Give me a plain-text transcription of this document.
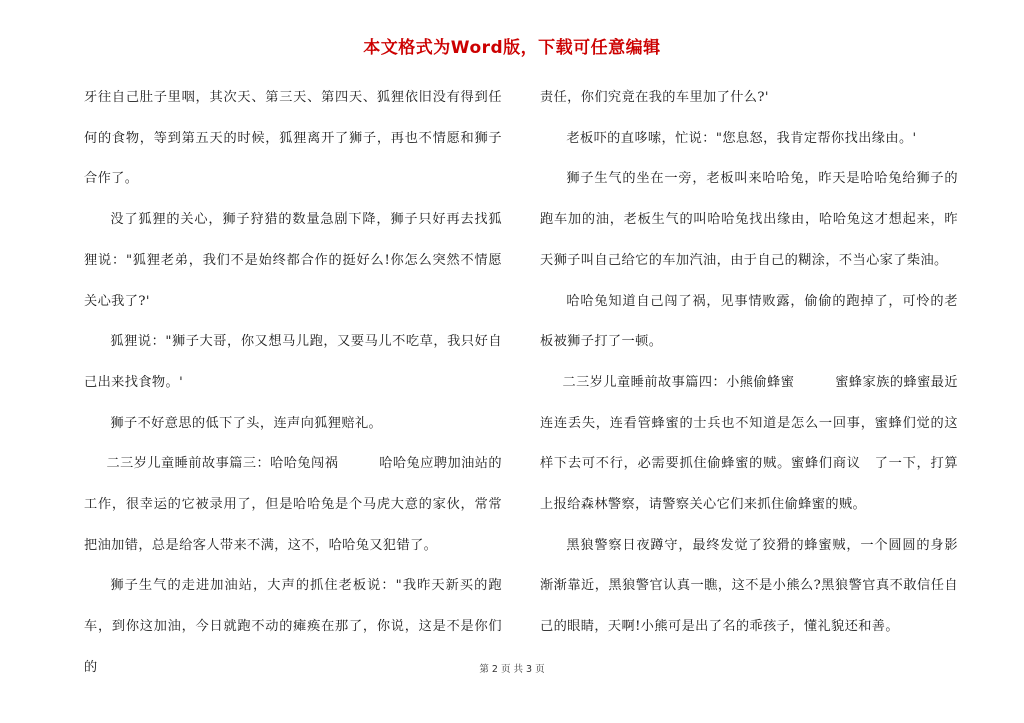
本文格式为Word版，下载可任意编辑

牙往自己肚子里咽，其次天、第三天、第四天、狐狸依旧没有得到任何的食物，等到第五天的时候，狐狸离开了狮子，再也不情愿和狮子合作了。

没了狐狸的关心，狮子狩猎的数量急剧下降，狮子只好再去找狐狸说："狐狸老弟，我们不是始终都合作的挺好么!你怎么突然不情愿关心我了?'

狐狸说："狮子大哥，你又想马儿跑，又要马儿不吃草，我只好自己出来找食物。'

狮子不好意思的低下了头，连声向狐狸赔礼。

二三岁儿童睡前故事篇三：哈哈兔闯祸　　　哈哈兔应聘加油站的工作，很幸运的它被录用了，但是哈哈兔是个马虎大意的家伙，常常把油加错，总是给客人带来不满，这不，哈哈兔又犯错了。

狮子生气的走进加油站，大声的抓住老板说："我昨天新买的跑车，到你这加油，今日就跑不动的瘫痪在那了，你说，这是不是你们的

责任，你们究竟在我的车里加了什么?'

老板吓的直哆嗦，忙说："您息怒，我肯定帮你找出缘由。'

狮子生气的坐在一旁，老板叫来哈哈兔，昨天是哈哈兔给狮子的跑车加的油，老板生气的叫哈哈兔找出缘由，哈哈兔这才想起来，昨天狮子叫自己给它的车加汽油，由于自己的糊涂，不当心家了柴油。

哈哈兔知道自己闯了祸，见事情败露，偷偷的跑掉了，可怜的老板被狮子打了一顿。

二三岁儿童睡前故事篇四：小熊偷蜂蜜　　　蜜蜂家族的蜂蜜最近连连丢失，连看管蜂蜜的士兵也不知道是怎么一回事，蜜蜂们觉的这样下去可不行，必需要抓住偷蜂蜜的贼。蜜蜂们商议　了一下，打算上报给森林警察，请警察关心它们来抓住偷蜂蜜的贼。

黑狼警察日夜蹲守，最终发觉了狡猾的蜂蜜贼，一个圆圆的身影渐渐靠近，黑狼警官认真一瞧，这不是小熊么?黑狼警官真不敢信任自己的眼睛，天啊!小熊可是出了名的乖孩子，懂礼貌还和善。

第 2 页 共 3 页
